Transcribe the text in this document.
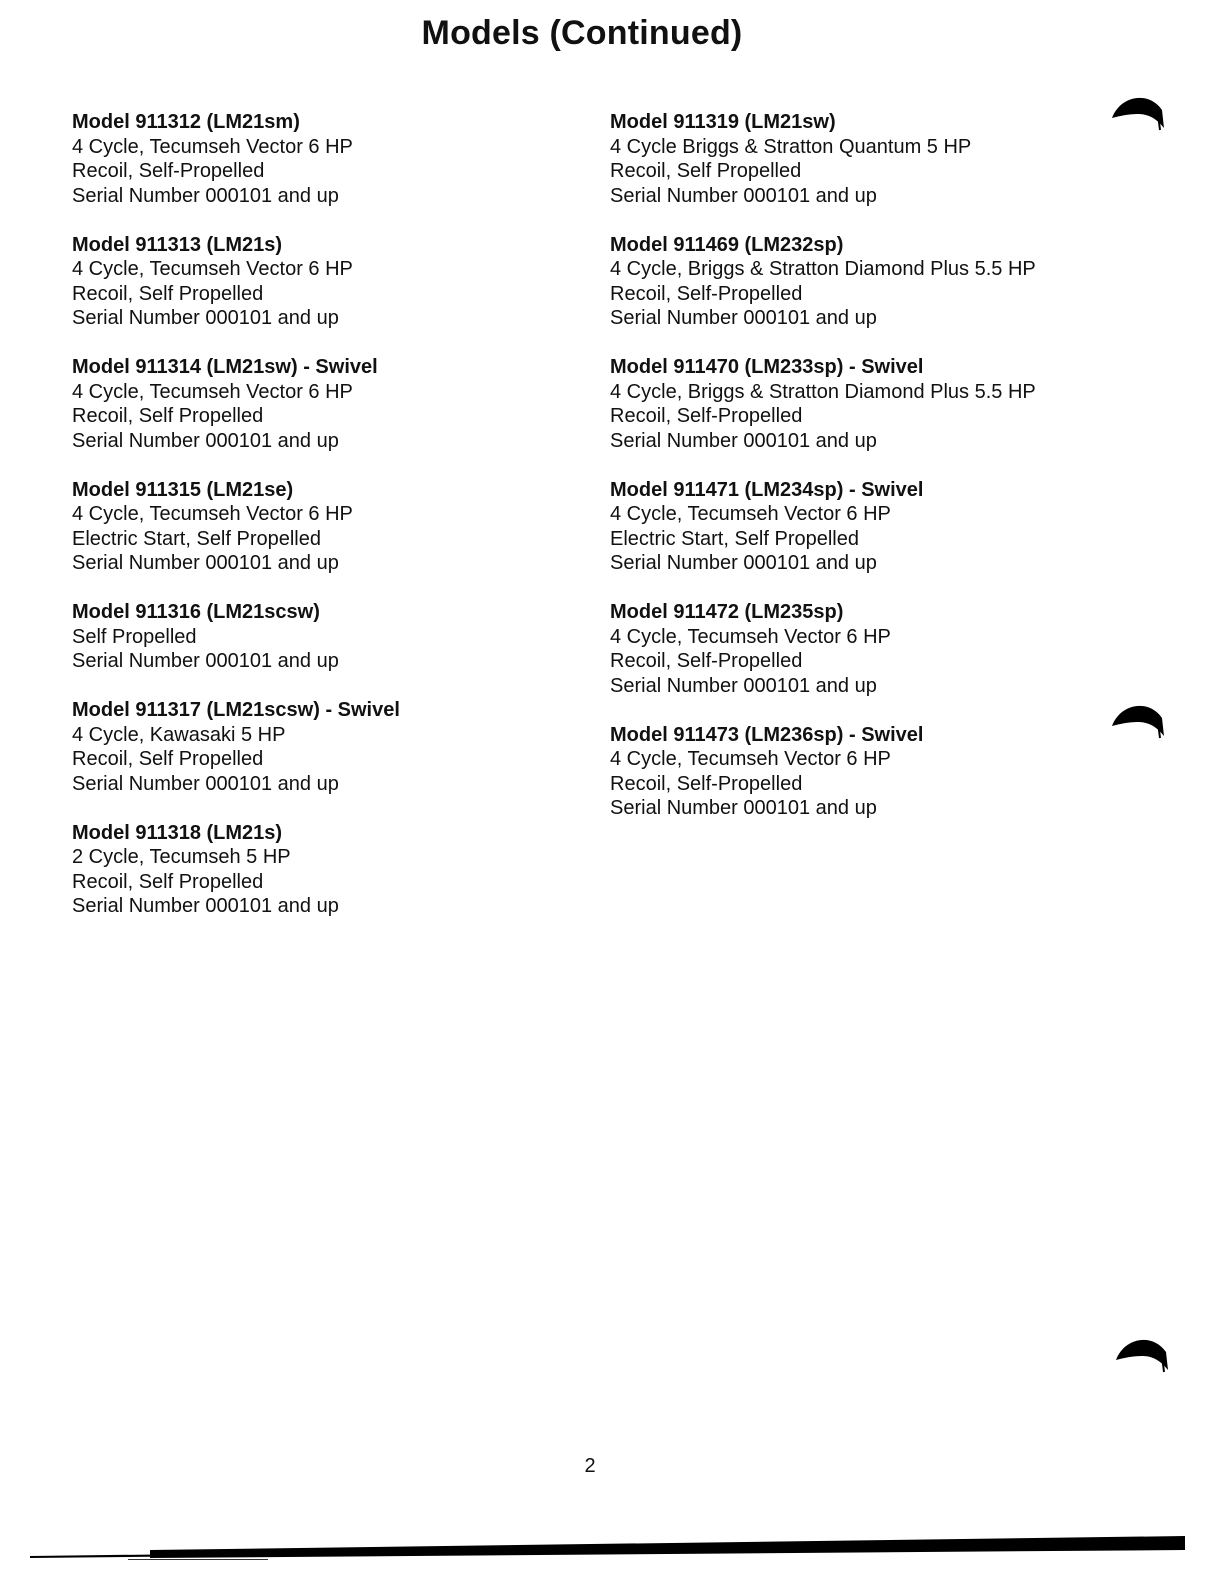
Models (Continued)
Model 911312 (LM21sm)
4 Cycle, Tecumseh Vector 6 HP
Recoil, Self-Propelled
Serial Number 000101 and up
Model 911313 (LM21s)
4 Cycle, Tecumseh Vector 6 HP
Recoil, Self Propelled
Serial Number 000101 and up
Model 911314 (LM21sw) - Swivel
4 Cycle, Tecumseh Vector 6 HP
Recoil, Self Propelled
Serial Number 000101 and up
Model 911315 (LM21se)
4 Cycle, Tecumseh Vector 6 HP
Electric Start, Self Propelled
Serial Number 000101 and up
Model 911316 (LM21scsw)
Self Propelled
Serial Number 000101 and up
Model 911317 (LM21scsw) - Swivel
4 Cycle, Kawasaki 5 HP
Recoil, Self Propelled
Serial Number 000101 and up
Model 911318 (LM21s)
2 Cycle, Tecumseh 5 HP
Recoil, Self Propelled
Serial Number 000101 and up
Model 911319 (LM21sw)
4 Cycle Briggs & Stratton Quantum 5 HP
Recoil, Self Propelled
Serial Number 000101 and up
Model 911469 (LM232sp)
4 Cycle, Briggs & Stratton Diamond Plus 5.5 HP
Recoil, Self-Propelled
Serial Number 000101 and up
Model 911470 (LM233sp) - Swivel
4 Cycle, Briggs & Stratton Diamond Plus 5.5 HP
Recoil, Self-Propelled
Serial Number 000101 and up
Model 911471 (LM234sp) - Swivel
4 Cycle, Tecumseh Vector 6 HP
Electric Start, Self Propelled
Serial Number 000101 and up
Model 911472 (LM235sp)
4 Cycle, Tecumseh Vector 6 HP
Recoil, Self-Propelled
Serial Number 000101 and up
Model 911473 (LM236sp) - Swivel
4 Cycle, Tecumseh Vector 6 HP
Recoil, Self-Propelled
Serial Number 000101 and up
2
